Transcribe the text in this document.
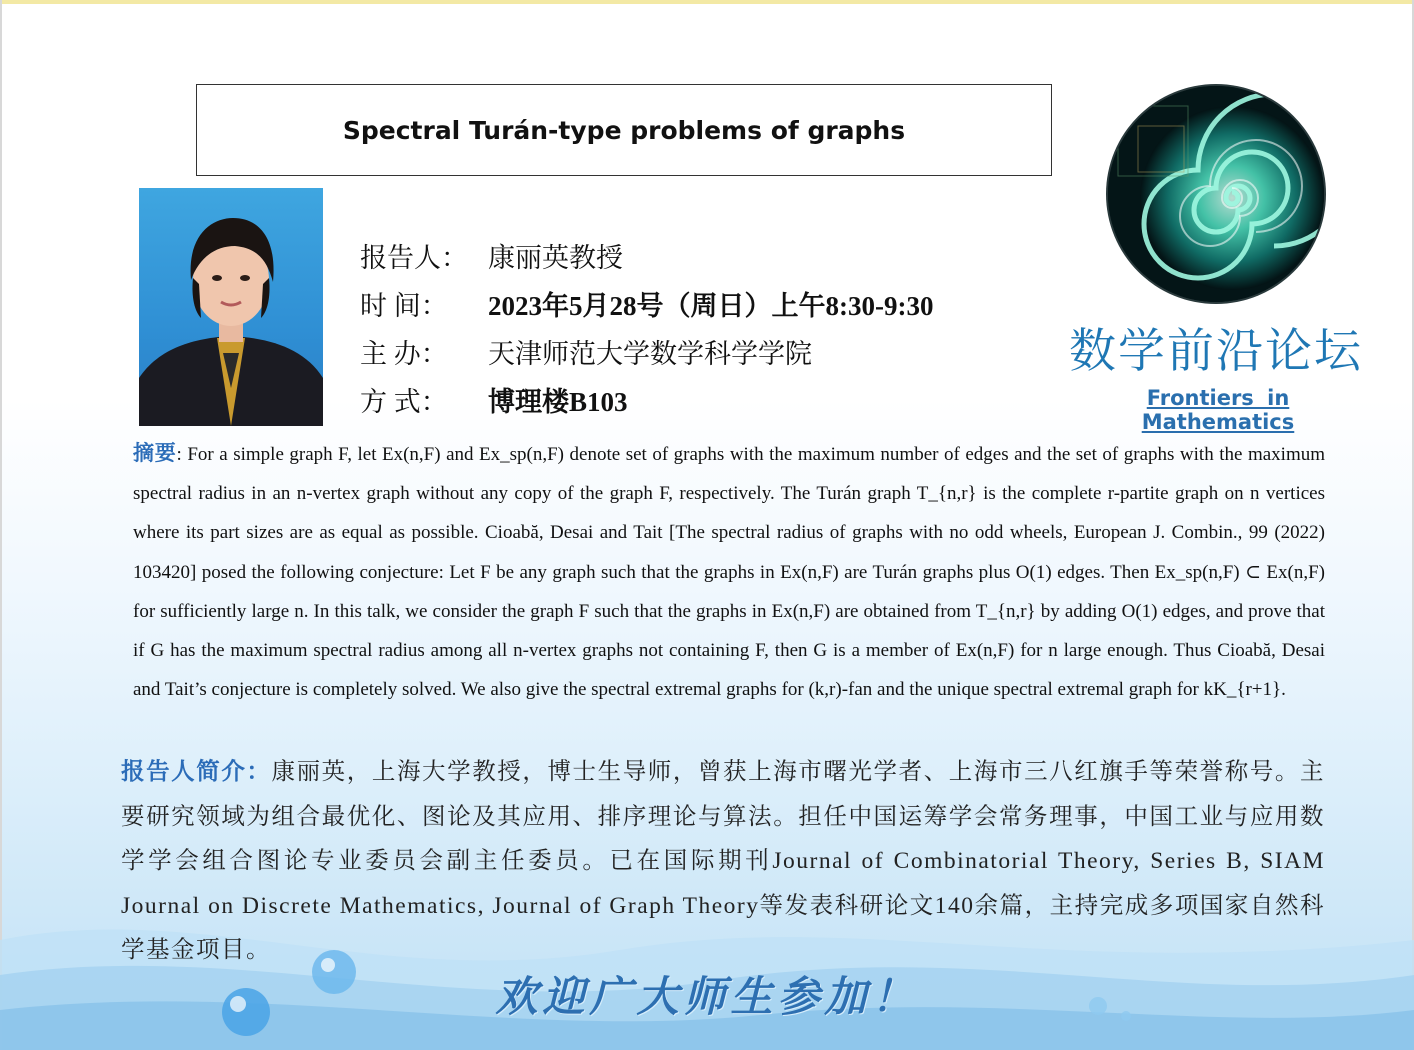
Spectral Turán-type problems of graphs
报告人： 康丽英教授
时 间：	2023年5月28号（周日）上午8:30-9:30
主 办：	天津师范大学数学科学学院
方 式：	博理楼B103
数学前沿论坛
Frontiers in Mathematics
摘要: For a simple graph F, let Ex(n,F) and Ex_sp(n,F) denote set of graphs with the maximum number of edges and the set of graphs with the maximum spectral radius in an n-vertex graph without any copy of the graph F, respectively. The Turán graph T_{n,r} is the complete r-partite graph on n vertices where its part sizes are as equal as possible. Cioabă, Desai and Tait [The spectral radius of graphs with no odd wheels, European J. Combin., 99 (2022) 103420] posed the following conjecture: Let F be any graph such that the graphs in Ex(n,F) are Turán graphs plus O(1) edges. Then Ex_sp(n,F) ⊂ Ex(n,F) for sufficiently large n. In this talk, we consider the graph F such that the graphs in Ex(n,F) are obtained from T_{n,r} by adding O(1) edges, and prove that if G has the maximum spectral radius among all n-vertex graphs not containing F, then G is a member of Ex(n,F) for n large enough. Thus Cioabă, Desai and Tait’s conjecture is completely solved. We also give the spectral extremal graphs for (k,r)-fan and the unique spectral extremal graph for kK_{r+1}.
报告人简介：康丽英，上海大学教授，博士生导师，曾获上海市曙光学者、上海市三八红旗手等荣誉称号。主要研究领域为组合最优化、图论及其应用、排序理论与算法。担任中国运筹学会常务理事，中国工业与应用数学学会组合图论专业委员会副主任委员。已在国际期刊Journal of Combinatorial Theory, Series B, SIAM Journal on Discrete Mathematics, Journal of Graph Theory等发表科研论文140余篇，主持完成多项国家自然科学基金项目。
欢迎广大师生参加！
